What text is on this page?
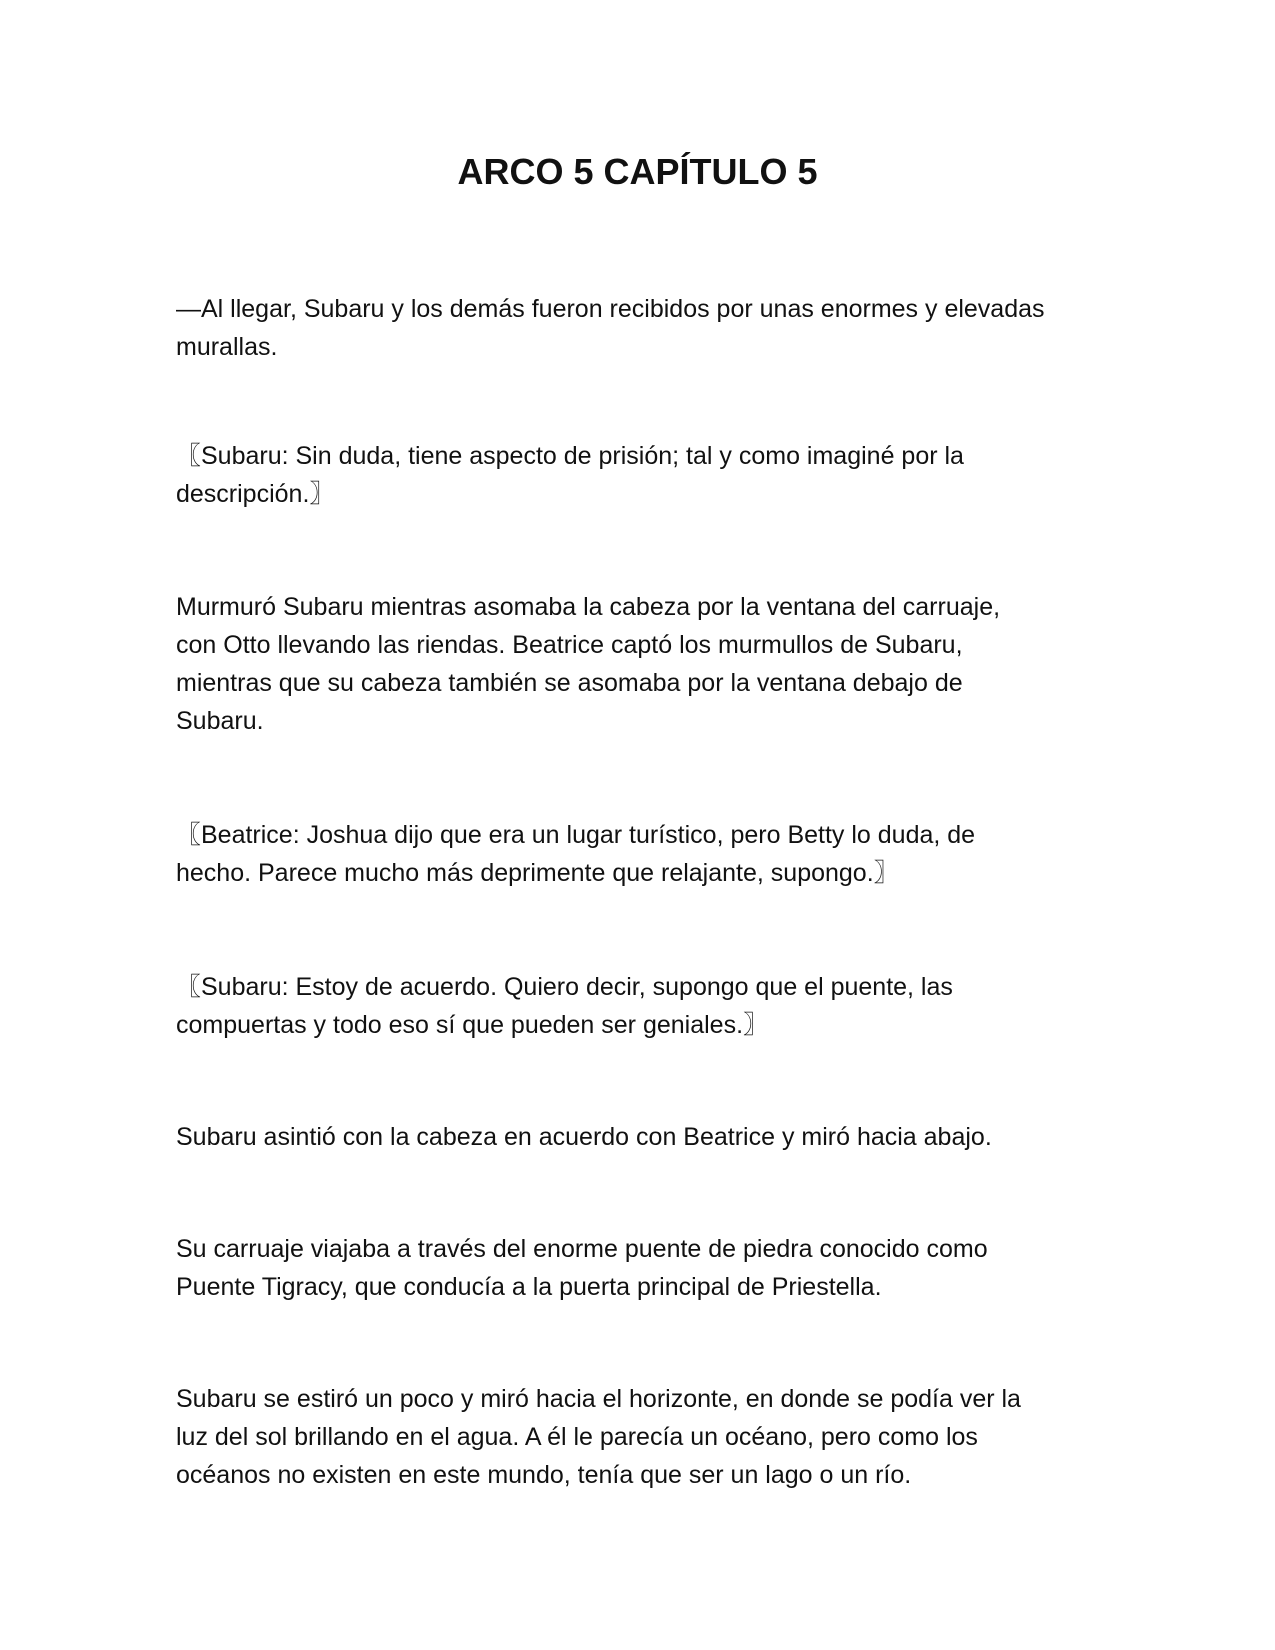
ARCO 5 CAPÍTULO 5

—Al llegar, Subaru y los demás fueron recibidos por unas enormes y elevadas
murallas.

〖Subaru: Sin duda, tiene aspecto de prisión; tal y como imaginé por la
descripción.〗

Murmuró Subaru mientras asomaba la cabeza por la ventana del carruaje,
con Otto llevando las riendas. Beatrice captó los murmullos de Subaru,
mientras que su cabeza también se asomaba por la ventana debajo de
Subaru.

〖Beatrice: Joshua dijo que era un lugar turístico, pero Betty lo duda, de
hecho. Parece mucho más deprimente que relajante, supongo.〗

〖Subaru: Estoy de acuerdo. Quiero decir, supongo que el puente, las
compuertas y todo eso sí que pueden ser geniales.〗

Subaru asintió con la cabeza en acuerdo con Beatrice y miró hacia abajo.

Su carruaje viajaba a través del enorme puente de piedra conocido como
Puente Tigracy, que conducía a la puerta principal de Priestella.

Subaru se estiró un poco y miró hacia el horizonte, en donde se podía ver la
luz del sol brillando en el agua. A él le parecía un océano, pero como los
océanos no existen en este mundo, tenía que ser un lago o un río.
